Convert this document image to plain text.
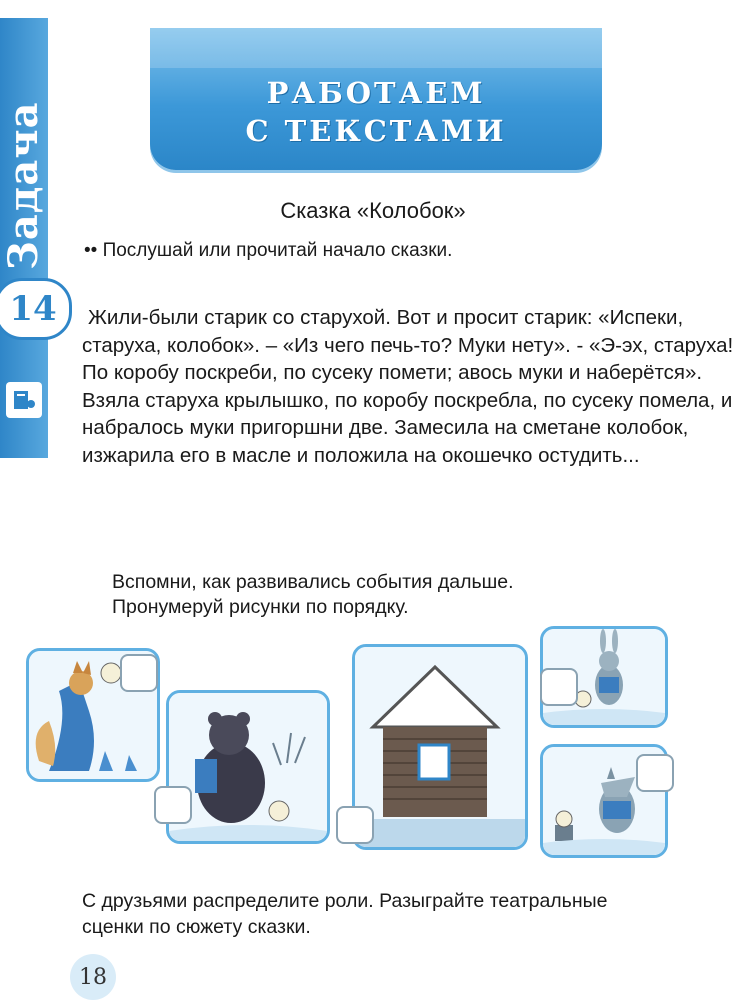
Задача
14
РАБОТАЕМ
С ТЕКСТАМИ
Сказка «Колобок»
•• Послушай или прочитай начало сказки.

Жили-были старик со старухой. Вот и просит старик: «Испеки, старуха, колобок». – «Из чего печь-то? Муки нету». - «Э-эх, старуха! По коробу поскреби, по сусеку помети; авось муки и наберётся».

Взяла старуха крылышко, по коробу поскребла, по сусеку помела, и набралось муки пригоршни две. Замесила на сметане колобок, изжарила его в масле и положила на окошечко остудить...

Вспомни, как развивались события дальше.
Пронумеруй рисунки по порядку.
С друзьями распределите роли. Разыграйте театральные
сценки по сюжету сказки.
18
